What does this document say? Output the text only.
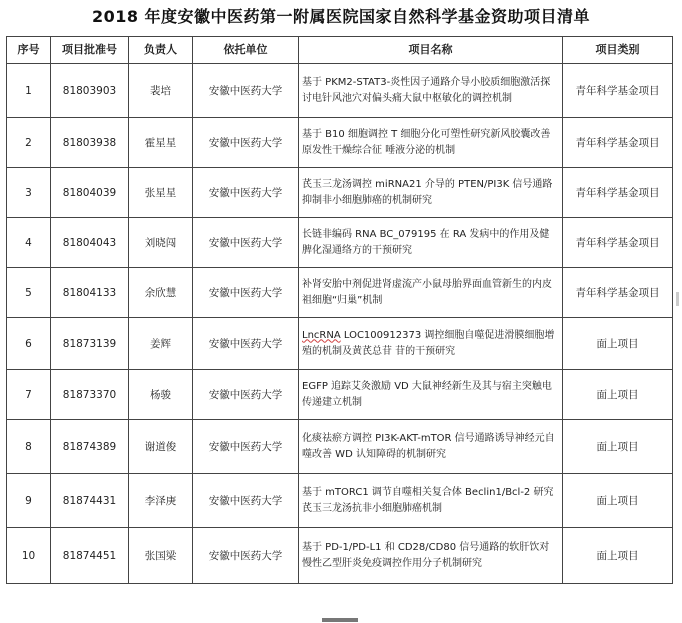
2018 年度安徽中医药第一附属医院国家自然科学基金资助项目清单
序号	项目批准号	负责人	依托单位	项目名称	项目类别
1	81803903	裴培	安徽中医药大学	基于 PKM2-STAT3-炎性因子通路介导小胶质细胞激活探讨电针风池穴对偏头痛大鼠中枢敏化的调控机制	青年科学基金项目
2	81803938	霍星星	安徽中医药大学	基于 B10 细胞调控 T 细胞分化可塑性研究新风胶囊改善原发性干燥综合征 唾液分泌的机制	青年科学基金项目
3	81804039	张星星	安徽中医药大学	芪玉三龙汤调控 miRNA21 介导的 PTEN/PI3K 信号通路抑制非小细胞肺癌的机制研究	青年科学基金项目
4	81804043	刘晓闯	安徽中医药大学	长链非编码 RNA BC_079195 在 RA 发病中的作用及健脾化湿通络方的干预研究	青年科学基金项目
5	81804133	余欣慧	安徽中医药大学	补肾安胎中剂促进肾虚流产小鼠母胎界面血管新生的内皮祖细胞“归巢”机制	青年科学基金项目
6	81873139	姜辉	安徽中医药大学	LncRNA LOC100912373 调控细胞自噬促进滑膜细胞增殖的机制及黄芪总苷 苷的干预研究	面上项目
7	81873370	杨骏	安徽中医药大学	EGFP 追踪艾灸激励 VD 大鼠神经新生及其与宿主突触电传递建立机制	面上项目
8	81874389	谢道俊	安徽中医药大学	化痰祛瘀方调控 PI3K-AKT-mTOR 信号通路诱导神经元自噬改善 WD 认知障碍的机制研究	面上项目
9	81874431	李泽庚	安徽中医药大学	基于 mTORC1 调节自噬相关复合体 Beclin1/Bcl-2 研究芪玉三龙汤抗非小细胞肺癌机制	面上项目
10	81874451	张国梁	安徽中医药大学	基于 PD-1/PD-L1 和 CD28/CD80 信号通路的软肝饮对慢性乙型肝炎免疫调控作用分子机制研究	面上项目
